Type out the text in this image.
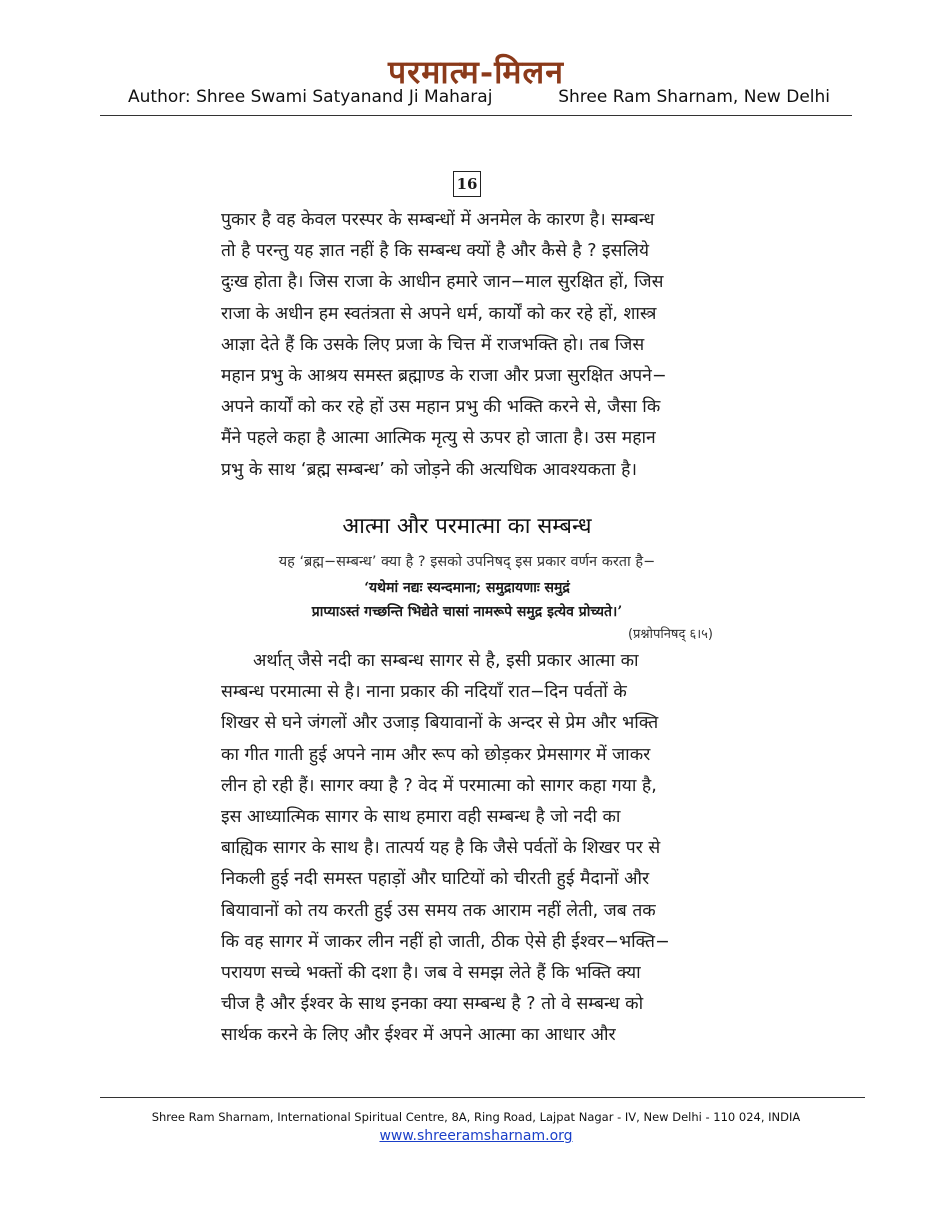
परमात्म-मिलन
Author: Shree Swami Satyanand Ji Maharaj	Shree Ram Sharnam, New Delhi
16
पुकार है वह केवल परस्पर के सम्बन्धों में अनमेल के कारण है। सम्बन्ध
तो है परन्तु यह ज्ञात नहीं है कि सम्बन्ध क्यों है और कैसे है ? इसलिये
दुःख होता है। जिस राजा के आधीन हमारे जान−माल सुरक्षित हों, जिस
राजा के अधीन हम स्वतंत्रता से अपने धर्म, कार्यों को कर रहे हों, शास्त्र
आज्ञा देते हैं कि उसके लिए प्रजा के चित्त में राजभक्ति हो। तब जिस
महान प्रभु के आश्रय समस्त ब्रह्माण्ड के राजा और प्रजा सुरक्षित अपने−
अपने कार्यों को कर रहे हों उस महान प्रभु की भक्ति करने से, जैसा कि
मैंने पहले कहा है आत्मा आत्मिक मृत्यु से ऊपर हो जाता है। उस महान
प्रभु के साथ ‘ब्रह्म सम्बन्ध’ को जोड़ने की अत्यधिक आवश्यकता है।
आत्मा और परमात्मा का सम्बन्ध
यह ‘ब्रह्म−सम्बन्ध’ क्या है ? इसको उपनिषद् इस प्रकार वर्णन करता है−
‘यथेमां नद्यः स्यन्दमाना; समुद्रायणाः समुद्रं
प्राप्याऽस्तं गच्छन्ति भिद्येते चासां नामरूपे समुद्र इत्येव प्रोच्यते।’
(प्रश्नोपनिषद् ६।५)
अर्थात् जैसे नदी का सम्बन्ध सागर से है, इसी प्रकार आत्मा का
सम्बन्ध परमात्मा से है। नाना प्रकार की नदियाँ रात−दिन पर्वतों के
शिखर से घने जंगलों और उजाड़ बियावानों के अन्दर से प्रेम और भक्ति
का गीत गाती हुई अपने नाम और रूप को छोड़कर प्रेमसागर में जाकर
लीन हो रही हैं। सागर क्या है ? वेद में परमात्मा को सागर कहा गया है,
इस आध्यात्मिक सागर के साथ हमारा वही सम्बन्ध है जो नदी का
बाह्यिक सागर के साथ है। तात्पर्य यह है कि जैसे पर्वतों के शिखर पर से
निकली हुई नदी समस्त पहाड़ों और घाटियों को चीरती हुई मैदानों और
बियावानों को तय करती हुई उस समय तक आराम नहीं लेती, जब तक
कि वह सागर में जाकर लीन नहीं हो जाती, ठीक ऐसे ही ईश्वर−भक्ति−
परायण सच्चे भक्तों की दशा है। जब वे समझ लेते हैं कि भक्ति क्या
चीज है और ईश्वर के साथ इनका क्या सम्बन्ध है ? तो वे सम्बन्ध को
सार्थक करने के लिए और ईश्वर में अपने आत्मा का आधार और
Shree Ram Sharnam, International Spiritual Centre, 8A, Ring Road, Lajpat Nagar - IV, New Delhi - 110 024, INDIA
www.shreeramsharnam.org
